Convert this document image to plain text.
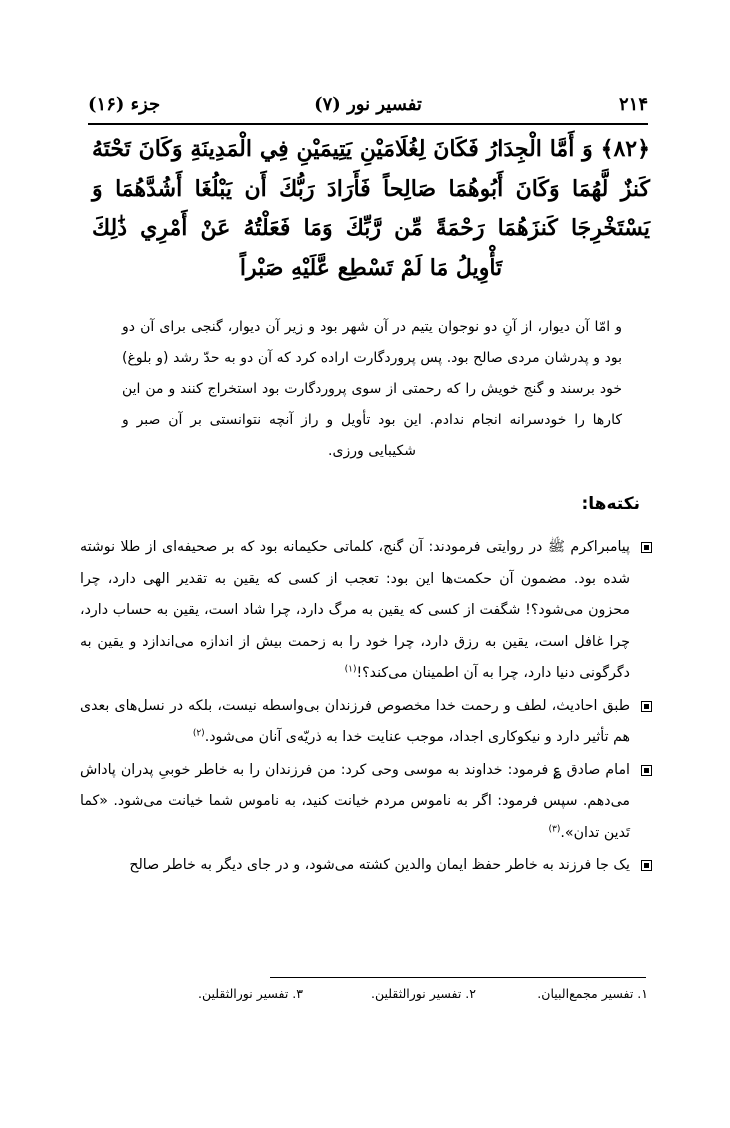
۲۱۴
تفسیر نور (۷)
جزء (۱۶)
﴿۸۲﴾ وَ أَمَّا الْجِدَارُ فَكَانَ لِغُلَامَيْنِ يَتِيمَيْنِ فِي الْمَدِينَةِ وَكَانَ تَحْتَهُ كَنزٌ لَّهُمَا وَكَانَ أَبُوهُمَا صَالِحاً فَأَرَادَ رَبُّكَ أَن يَبْلُغَا أَشُدَّهُمَا وَ يَسْتَخْرِجَا كَنزَهُمَا رَحْمَةً مِّن رَّبِّكَ وَمَا فَعَلْتُهُ عَنْ أَمْرِي ذَٰلِكَ تَأْوِيلُ مَا لَمْ تَسْطِع عَّلَيْهِ صَبْراً
و امّا آن دیوار، از آنِ دو نوجوان یتیم در آن شهر بود و زیر آن دیوار، گنجی برای آن دو بود و پدرشان مردی صالح بود. پس پروردگارت اراده کرد که آن دو به حدّ رشد (و بلوغ) خود برسند و گنج خویش را که رحمتی از سوی پروردگارت بود استخراج کنند و من این کارها را خودسرانه انجام ندادم. این بود تأویل و راز آنچه نتوانستی بر آن صبر و شکیبایی ورزی.
نکته‌ها:
پیامبراکرم ﷺ در روایتی فرمودند: آن گنج، کلماتی حکیمانه بود که بر صحیفه‌ای از طلا نوشته شده بود. مضمون آن حکمت‌ها این بود: تعجب از کسی که یقین به تقدیر الهی دارد، چرا محزون می‌شود؟! شگفت از کسی که یقین به مرگ دارد، چرا شاد است، یقین به حساب دارد، چرا غافل است، یقین به رزق دارد، چرا خود را به زحمت بیش از اندازه می‌اندازد و یقین به دگرگونی دنیا دارد، چرا به آن اطمینان می‌کند؟!$^{(۱)}$
طبق احادیث، لطف و رحمت خدا مخصوص فرزندان بی‌واسطه نیست، بلکه در نسل‌های بعدی هم تأثیر دارد و نیکوکاری اجداد، موجب عنایت خدا به ذریّه‌ی آنان می‌شود.$^{(۲)}$
امام صادق ؏ فرمود: خداوند به موسی وحی کرد: من فرزندان را به خاطر خوبیِ پدران پاداش می‌دهم. سپس فرمود: اگر به ناموس مردم خیانت کنید، به ناموس شما خیانت می‌شود. «کما تَدین تدان».$^{(۳)}$
یک جا فرزند به خاطر حفظ ایمان والدین کشته می‌شود، و در جای دیگر به خاطر صالح
۱. تفسیر مجمع‌البیان.
۲. تفسیر نورالثقلین.
۳. تفسیر نورالثقلین.
